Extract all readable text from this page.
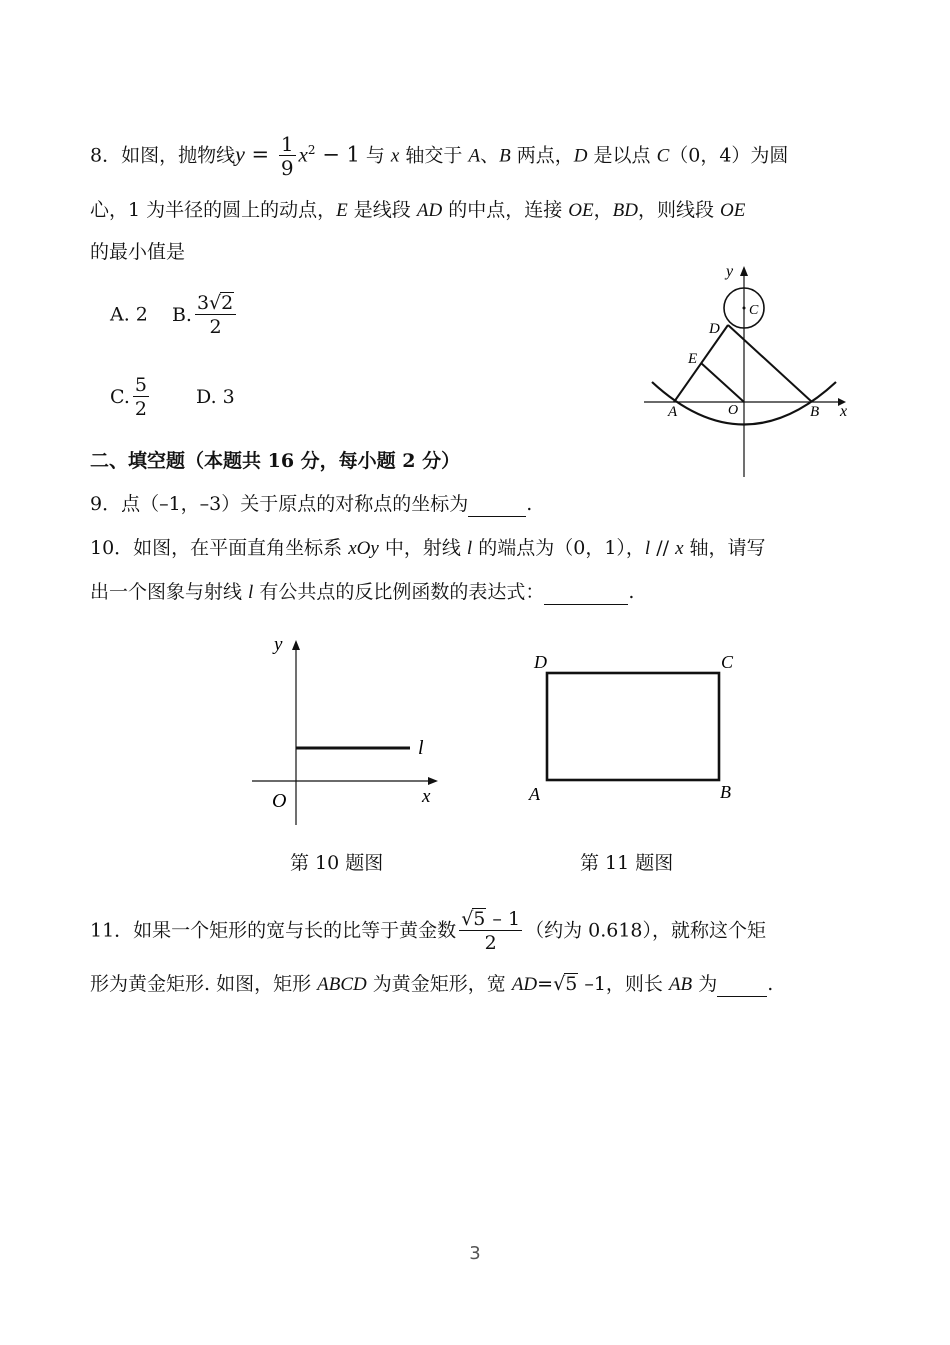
8．如图，抛物线$y = \frac{1}{9} x^2 - 1$ 与 x 轴交于 A、B 两点，D 是以点 C（0，4）为圆
心，1 为半径的圆上的动点，E 是线段 AD 的中点，连接 OE，BD，则线段 OE
的最小值是
A. 2 B. $\frac{3√2}{2}$
C. $\frac{5}{2} D$. 3
y
C
D
E
A	O	B x
二、填空题（本题共 16 分，每小题 2 分）
9．点（–1，–3）关于原点的对称点的坐标为	.
10．如图，在平面直角坐标系 xOy 中，射线 l 的端点为（0，1），l // x 轴，请写
出一个图象与射线 l 有公共点的反比例函数的表达式：	.
y
l
O	x
第 10 题图
D	C
A	B
第 11 题图
11．如果一个矩形的宽与长的比等于黄金数 $\frac{√5 - 1}{2}$ （约为 0.618），就称这个矩
形为黄金矩形. 如图，矩形 ABCD 为黄金矩形，宽 AD=√5 –1，则长 AB 为	.
3
